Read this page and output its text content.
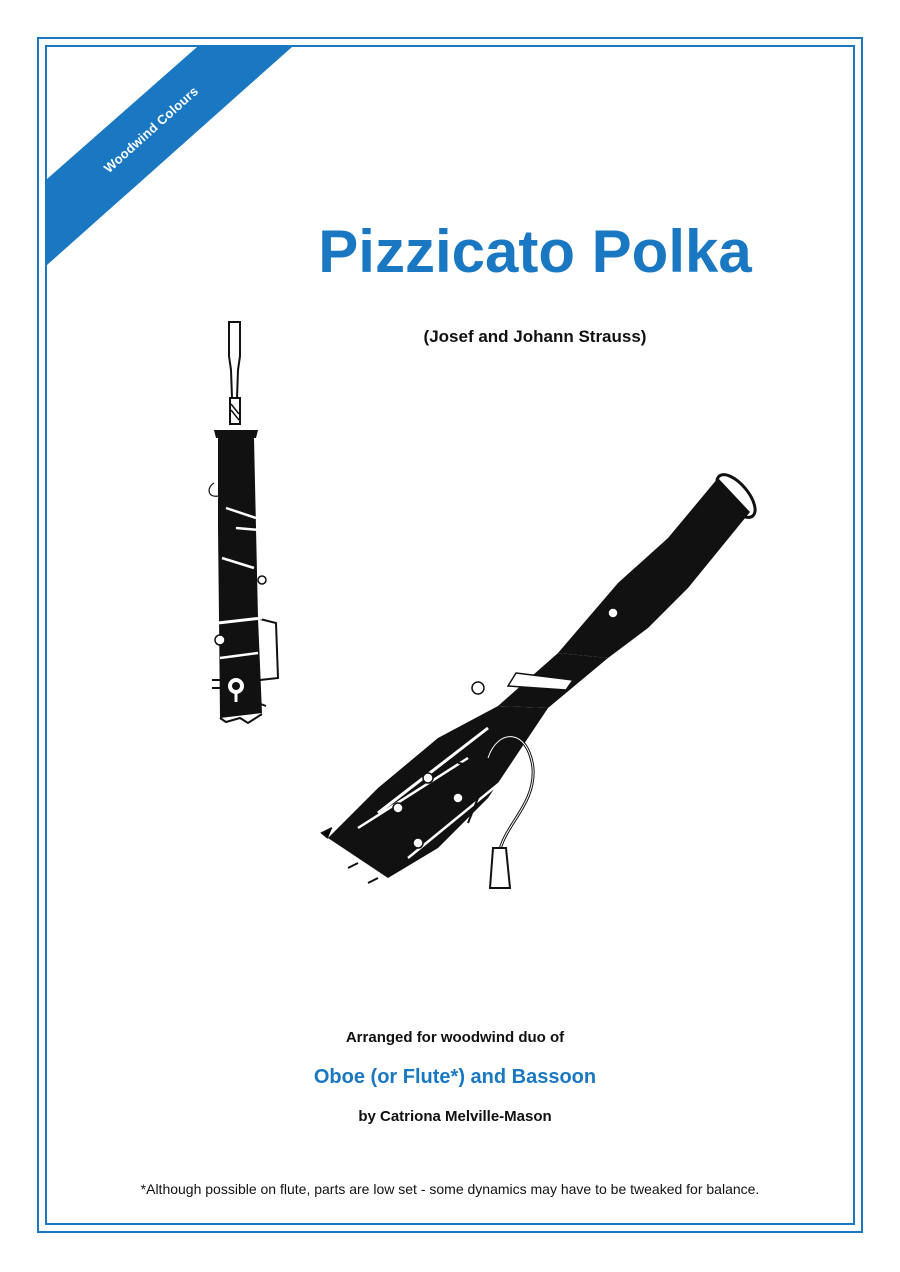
Woodwind Colours
Pizzicato Polka
(Josef and Johann Strauss)
Arranged for woodwind duo of
Oboe (or Flute*) and Bassoon
by Catriona Melville-Mason
*Although possible on flute, parts are low set - some dynamics may have to be tweaked for balance.
